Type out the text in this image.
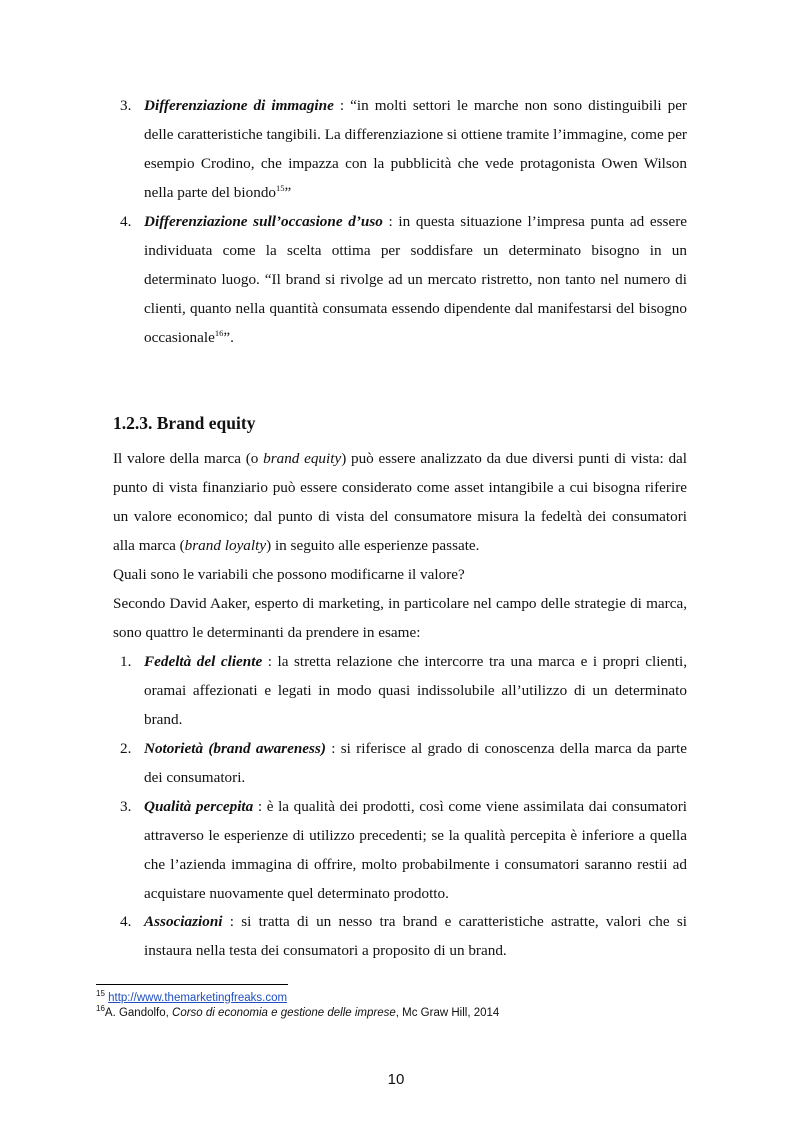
3. Differenziazione di immagine : “in molti settori le marche non sono distinguibili per delle caratteristiche tangibili. La differenziazione si ottiene tramite l’immagine, come per esempio Crodino, che impazza con la pubblicità che vede protagonista Owen Wilson nella parte del biondo$^{15}$”
4. Differenziazione sull’occasione d’uso : in questa situazione l’impresa punta ad essere individuata come la scelta ottima per soddisfare un determinato bisogno in un determinato luogo. “Il brand si rivolge ad un mercato ristretto, non tanto nel numero di clienti, quanto nella quantità consumata essendo dipendente dal manifestarsi del bisogno occasionale$^{16}$”.
1.2.3. Brand equity

Il valore della marca (o brand equity) può essere analizzato da due diversi punti di vista: dal punto di vista finanziario può essere considerato come asset intangibile a cui bisogna riferire un valore economico; dal punto di vista del consumatore misura la fedeltà dei consumatori alla marca (brand loyalty) in seguito alle esperienze passate.

Quali sono le variabili che possono modificarne il valore?

Secondo David Aaker, esperto di marketing, in particolare nel campo delle strategie di marca, sono quattro le determinanti da prendere in esame:

1. Fedeltà del cliente : la stretta relazione che intercorre tra una marca e i propri clienti, oramai affezionati e legati in modo quasi indissolubile all’utilizzo di un determinato brand.
2. Notorietà (brand awareness) : si riferisce al grado di conoscenza della marca da parte dei consumatori.
3. Qualità percepita : è la qualità dei prodotti, così come viene assimilata dai consumatori attraverso le esperienze di utilizzo precedenti; se la qualità percepita è inferiore a quella che l’azienda immagina di offrire, molto probabilmente i consumatori saranno restii ad acquistare nuovamente quel determinato prodotto.
4. Associazioni : si tratta di un nesso tra brand e caratteristiche astratte, valori che si instaura nella testa dei consumatori a proposito di un brand.
$^{15}$ http://www.themarketingfreaks.com
$^{16}$A. Gandolfo, Corso di economia e gestione delle imprese, Mc Graw Hill, 2014
10
